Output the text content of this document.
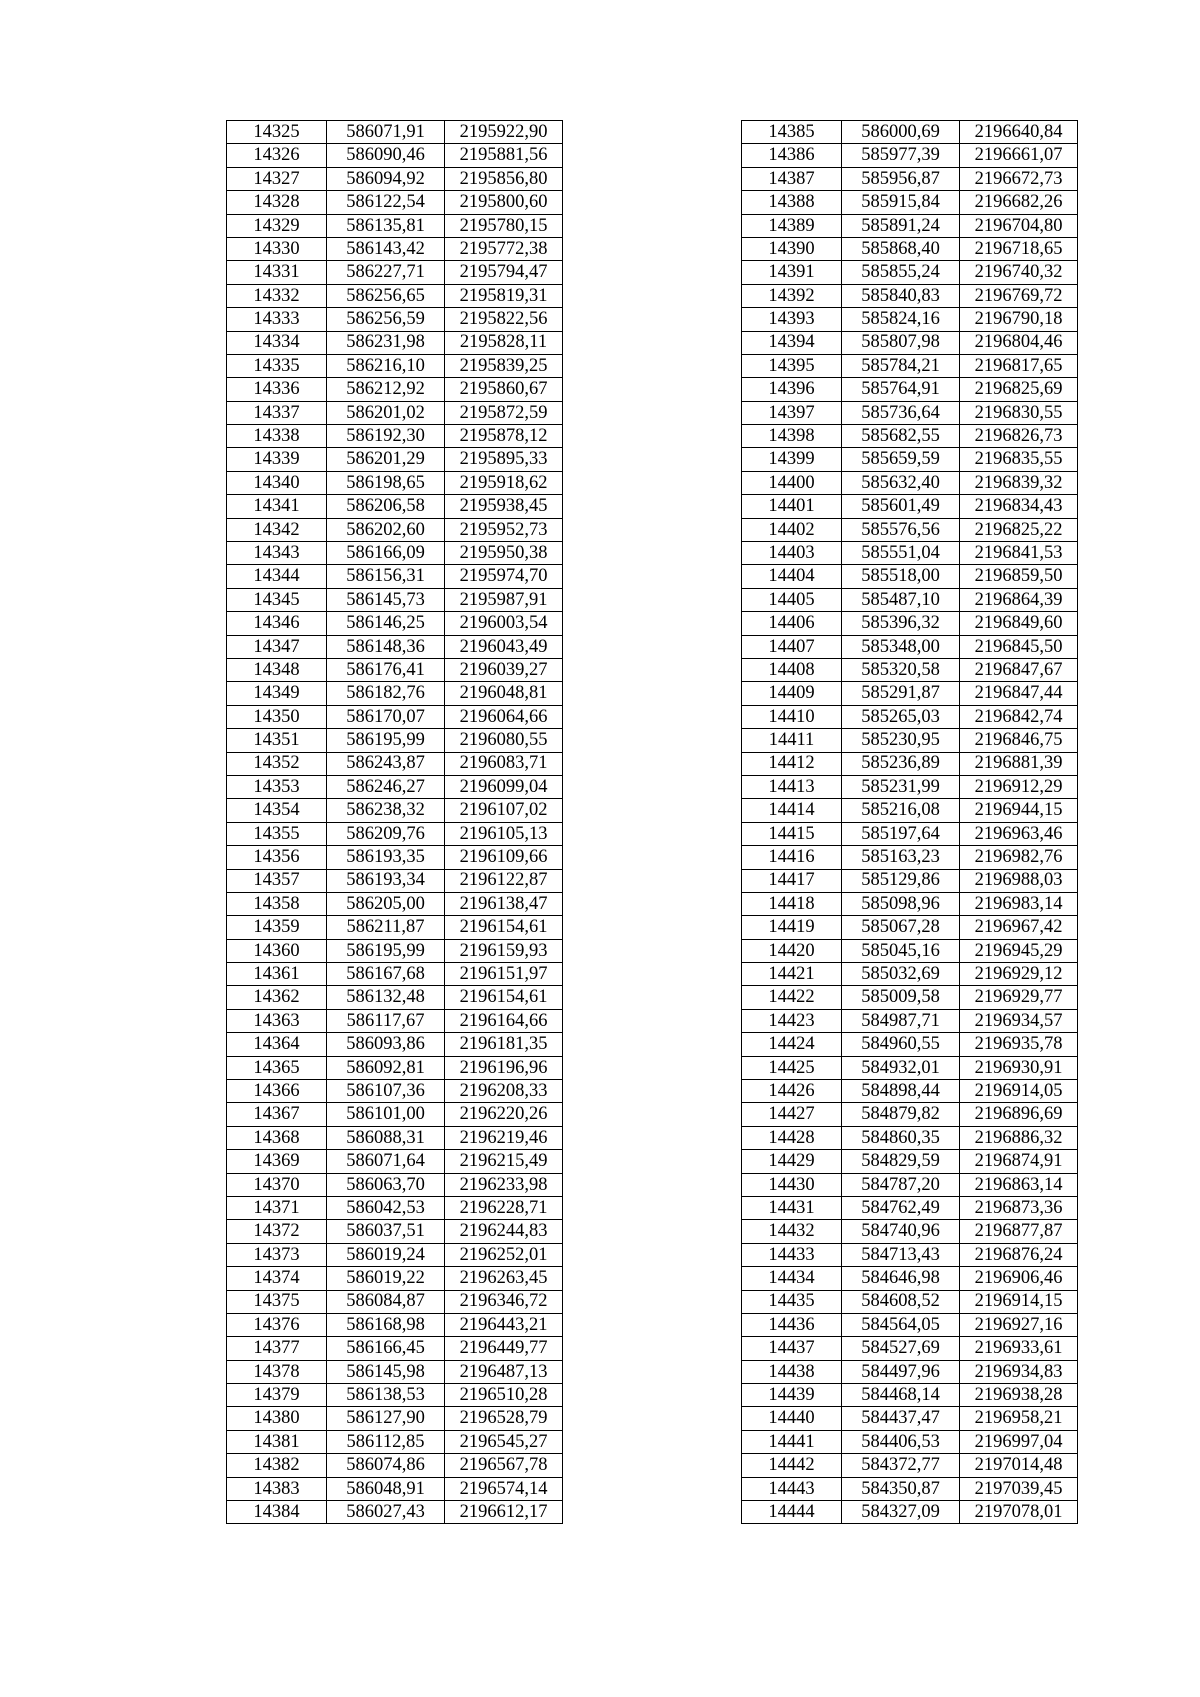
14325	586071,91	2195922,90
14326	586090,46	2195881,56
14327	586094,92	2195856,80
14328	586122,54	2195800,60
14329	586135,81	2195780,15
14330	586143,42	2195772,38
14331	586227,71	2195794,47
14332	586256,65	2195819,31
14333	586256,59	2195822,56
14334	586231,98	2195828,11
14335	586216,10	2195839,25
14336	586212,92	2195860,67
14337	586201,02	2195872,59
14338	586192,30	2195878,12
14339	586201,29	2195895,33
14340	586198,65	2195918,62
14341	586206,58	2195938,45
14342	586202,60	2195952,73
14343	586166,09	2195950,38
14344	586156,31	2195974,70
14345	586145,73	2195987,91
14346	586146,25	2196003,54
14347	586148,36	2196043,49
14348	586176,41	2196039,27
14349	586182,76	2196048,81
14350	586170,07	2196064,66
14351	586195,99	2196080,55
14352	586243,87	2196083,71
14353	586246,27	2196099,04
14354	586238,32	2196107,02
14355	586209,76	2196105,13
14356	586193,35	2196109,66
14357	586193,34	2196122,87
14358	586205,00	2196138,47
14359	586211,87	2196154,61
14360	586195,99	2196159,93
14361	586167,68	2196151,97
14362	586132,48	2196154,61
14363	586117,67	2196164,66
14364	586093,86	2196181,35
14365	586092,81	2196196,96
14366	586107,36	2196208,33
14367	586101,00	2196220,26
14368	586088,31	2196219,46
14369	586071,64	2196215,49
14370	586063,70	2196233,98
14371	586042,53	2196228,71
14372	586037,51	2196244,83
14373	586019,24	2196252,01
14374	586019,22	2196263,45
14375	586084,87	2196346,72
14376	586168,98	2196443,21
14377	586166,45	2196449,77
14378	586145,98	2196487,13
14379	586138,53	2196510,28
14380	586127,90	2196528,79
14381	586112,85	2196545,27
14382	586074,86	2196567,78
14383	586048,91	2196574,14
14384	586027,43	2196612,17
14385	586000,69	2196640,84
14386	585977,39	2196661,07
14387	585956,87	2196672,73
14388	585915,84	2196682,26
14389	585891,24	2196704,80
14390	585868,40	2196718,65
14391	585855,24	2196740,32
14392	585840,83	2196769,72
14393	585824,16	2196790,18
14394	585807,98	2196804,46
14395	585784,21	2196817,65
14396	585764,91	2196825,69
14397	585736,64	2196830,55
14398	585682,55	2196826,73
14399	585659,59	2196835,55
14400	585632,40	2196839,32
14401	585601,49	2196834,43
14402	585576,56	2196825,22
14403	585551,04	2196841,53
14404	585518,00	2196859,50
14405	585487,10	2196864,39
14406	585396,32	2196849,60
14407	585348,00	2196845,50
14408	585320,58	2196847,67
14409	585291,87	2196847,44
14410	585265,03	2196842,74
14411	585230,95	2196846,75
14412	585236,89	2196881,39
14413	585231,99	2196912,29
14414	585216,08	2196944,15
14415	585197,64	2196963,46
14416	585163,23	2196982,76
14417	585129,86	2196988,03
14418	585098,96	2196983,14
14419	585067,28	2196967,42
14420	585045,16	2196945,29
14421	585032,69	2196929,12
14422	585009,58	2196929,77
14423	584987,71	2196934,57
14424	584960,55	2196935,78
14425	584932,01	2196930,91
14426	584898,44	2196914,05
14427	584879,82	2196896,69
14428	584860,35	2196886,32
14429	584829,59	2196874,91
14430	584787,20	2196863,14
14431	584762,49	2196873,36
14432	584740,96	2196877,87
14433	584713,43	2196876,24
14434	584646,98	2196906,46
14435	584608,52	2196914,15
14436	584564,05	2196927,16
14437	584527,69	2196933,61
14438	584497,96	2196934,83
14439	584468,14	2196938,28
14440	584437,47	2196958,21
14441	584406,53	2196997,04
14442	584372,77	2197014,48
14443	584350,87	2197039,45
14444	584327,09	2197078,01
